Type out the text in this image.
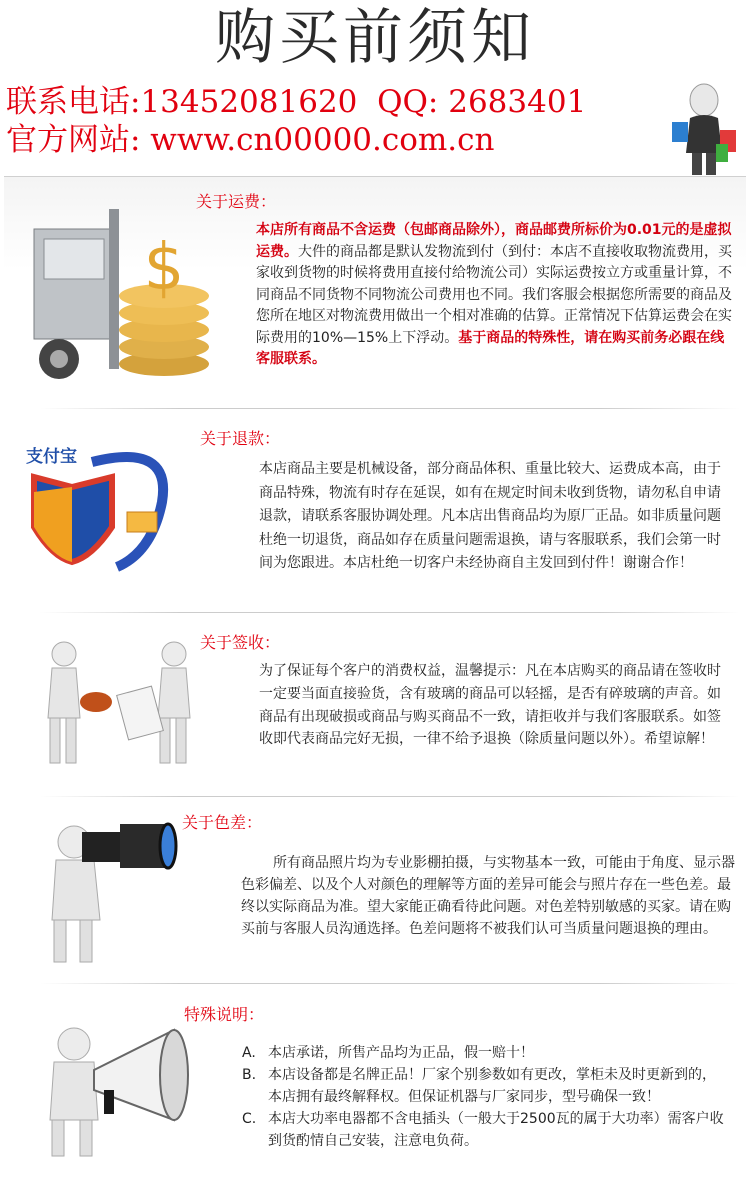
购买前须知
联系电话:13452081620  QQ: 2683401
官方网站: www.cn00000.com.cn
$
关于运费：
本店所有商品不含运费（包邮商品除外），商品邮费所标价为0.01元的是虚拟运费。大件的商品都是默认发物流到付（到付：本店不直接收取物流费用，买家收到货物的时候将费用直接付给物流公司）实际运费按立方或重量计算，不同商品不同货物不同物流公司费用也不同。我们客服会根据您所需要的商品及您所在地区对物流费用做出一个相对准确的估算。正常情况下估算运费会在实际费用的10%—15%上下浮动。基于商品的特殊性，请在购买前务必跟在线客服联系。
支付宝
关于退款：
本店商品主要是机械设备，部分商品体积、重量比较大、运费成本高，由于商品特殊，物流有时存在延误，如有在规定时间未收到货物，请勿私自申请退款，请联系客服协调处理。凡本店出售商品均为原厂正品。如非质量问题杜绝一切退货，商品如存在质量问题需退换，请与客服联系，我们会第一时间为您跟进。本店杜绝一切客户未经协商自主发回到付件！谢谢合作！
关于签收：
为了保证每个客户的消费权益，温馨提示：凡在本店购买的商品请在签收时一定要当面直接验货，含有玻璃的商品可以轻摇，是否有碎玻璃的声音。如商品有出现破损或商品与购买商品不一致，请拒收并与我们客服联系。如签收即代表商品完好无损，一律不给予退换（除质量问题以外）。希望谅解！
关于色差：
所有商品照片均为专业影棚拍摄，与实物基本一致，可能由于角度、显示器色彩偏差、以及个人对颜色的理解等方面的差异可能会与照片存在一些色差。最终以实际商品为准。望大家能正确看待此问题。对色差特别敏感的买家。请在购买前与客服人员沟通选择。色差问题将不被我们认可当质量问题退换的理由。
特殊说明：
A. 本店承诺，所售产品均为正品，假一赔十！
B. 本店设备都是名牌正品！厂家个别参数如有更改，掌柜未及时更新到的，本店拥有最终解释权。但保证机器与厂家同步，型号确保一致！
C. 本店大功率电器都不含电插头（一般大于2500瓦的属于大功率）需客户收到货酌情自己安装，注意电负荷。
